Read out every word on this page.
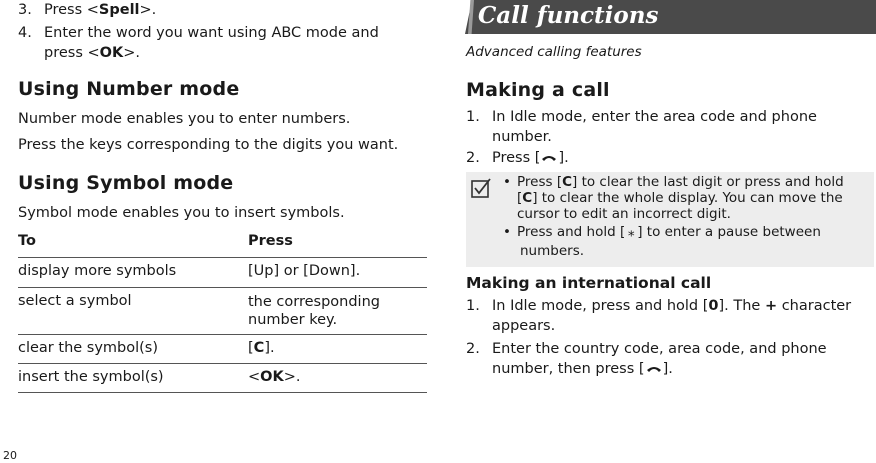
3. Press <Spell>.
4. Enter the word you want using ABC mode and
press <OK>.
Using Number mode
Number mode enables you to enter numbers.
Press the keys corresponding to the digits you want.
Using Symbol mode
Symbol mode enables you to insert symbols.
To	Press
display more symbols	[Up] or [Down].
select a symbol	the corresponding
number key.
clear the symbol(s)	[C].
insert the symbol(s)	<OK>.
20
Call functions
Advanced calling features
Making a call
1. In Idle mode, enter the area code and phone
number.
2. Press [ ].
• Press [C] to clear the last digit or press and hold
[C] to clear the whole display. You can move the
cursor to edit an incorrect digit.
• Press and hold [ ⁎ ] to enter a pause between
numbers.
Making an international call
1. In Idle mode, press and hold [0]. The + character
appears.
2. Enter the country code, area code, and phone
number, then press [ ].
